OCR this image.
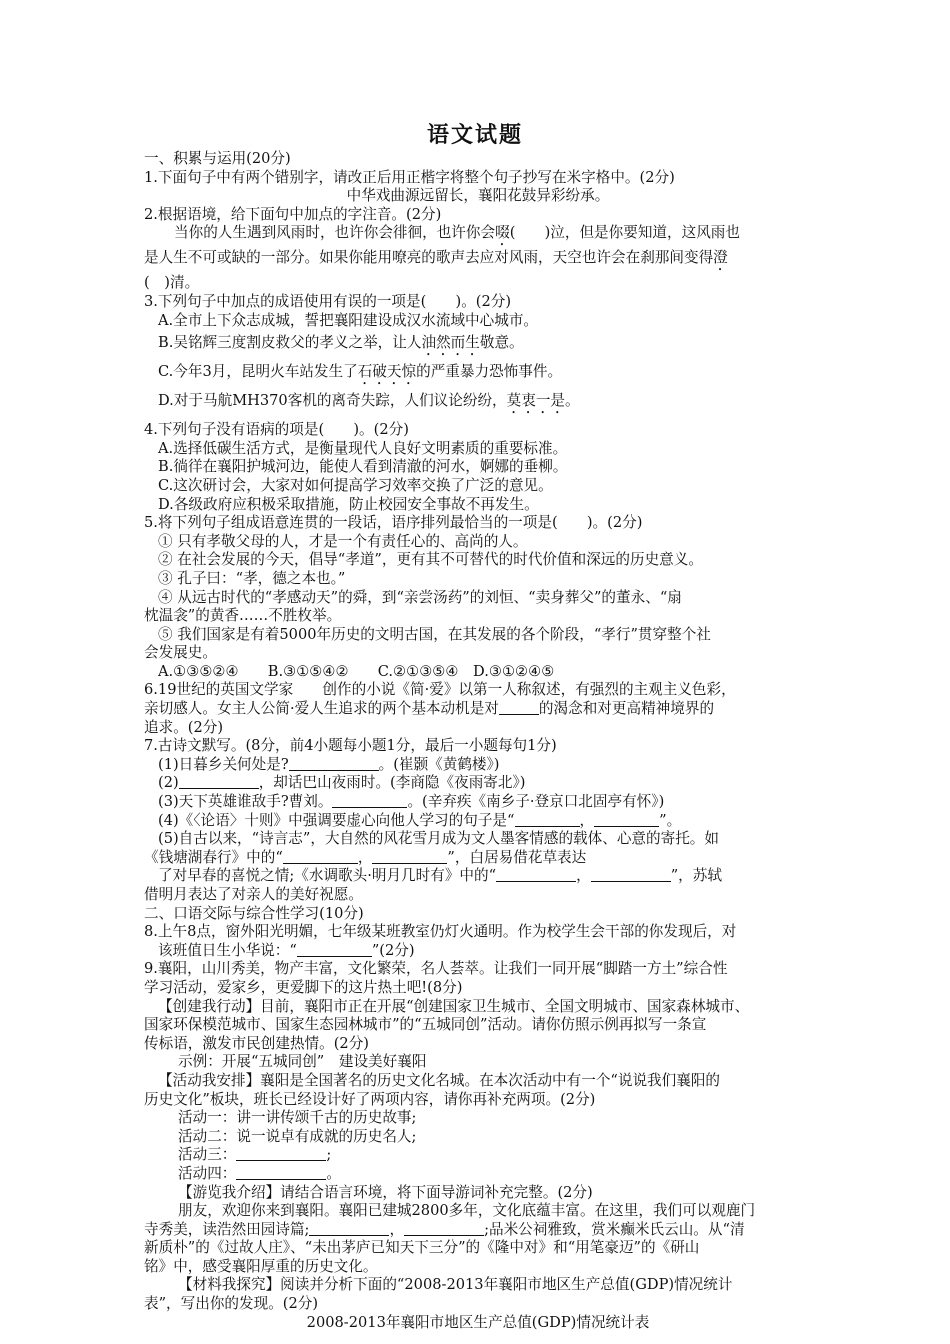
语文试题
一、积累与运用(20分)
1.下面句子中有两个错别字，请改正后用正楷字将整个句子抄写在米字格中。(2分)
中华戏曲源远留长，襄阳花鼓异彩纷承。
2.根据语境，给下面句中加点的字注音。(2分)
当你的人生遇到风雨时，也许你会徘徊，也许你会啜(　　)泣，但是你要知道，这风雨也
是人生不可或缺的一部分。如果你能用嘹亮的歌声去应对风雨，天空也许会在刹那间变得澄
(　)清。
3.下列句子中加点的成语使用有误的一项是(　　)。(2分)
A.全市上下众志成城，誓把襄阳建设成汉水流域中心城市。
B.吴铭辉三度割皮救父的孝义之举，让人油然而生敬意。
C.今年3月，昆明火车站发生了石破天惊的严重暴力恐怖事件。
D.对于马航MH370客机的离奇失踪，人们议论纷纷，莫衷一是。
4.下列句子没有语病的项是(　　)。(2分)
A.选择低碳生活方式，是衡量现代人良好文明素质的重要标准。
B.徜徉在襄阳护城河边，能使人看到清澈的河水，婀娜的垂柳。
C.这次研讨会，大家对如何提高学习效率交换了广泛的意见。
D.各级政府应积极采取措施，防止校园安全事故不再发生。
5.将下列句子组成语意连贯的一段话，语序排列最恰当的一项是(　　)。(2分)
① 只有孝敬父母的人，才是一个有责任心的、高尚的人。
② 在社会发展的今天，倡导“孝道”，更有其不可替代的时代价值和深远的历史意义。
③ 孔子曰：“孝，德之本也。”
④ 从远古时代的“孝感动天”的舜，到“亲尝汤药”的刘恒、“卖身葬父”的董永、“扇
枕温衾”的黄香……不胜枚举。
⑤ 我们国家是有着5000年历史的文明古国，在其发展的各个阶段，“孝行”贯穿整个社
会发展史。
A.①③⑤②④　　B.③①⑤④②　　C.②①③⑤④　D.③①②④⑤
6.19世纪的英国文学家　　创作的小说《简·爱》以第一人称叙述，有强烈的主观主义色彩，
亲切感人。女主人公简·爱人生追求的两个基本动机是对	的渴念和对更高精神境界的
追求。(2分)
7.古诗文默写。(8分，前4小题每小题1分，最后一小题每句1分)
(1)日暮乡关何处是?	。(崔颢《黄鹤楼》)
(2)	，却话巴山夜雨时。(李商隐《夜雨寄北》)
(3)天下英雄谁敌手?曹刘。	。(辛弃疾《南乡子·登京口北固亭有怀》)
(4)《〈论语〉十则》中强调要虚心向他人学习的句子是“	，	”。
(5)自古以来，“诗言志”，大自然的风花雪月成为文人墨客情感的载体、心意的寄托。如
《钱塘湖春行》中的“	，	”，白居易借花草表达
了对早春的喜悦之情;《水调歌头·明月几时有》中的“	，	”，苏轼
借明月表达了对亲人的美好祝愿。
二、口语交际与综合性学习(10分)
8.上午8点，窗外阳光明媚，七年级某班教室仍灯火通明。作为校学生会干部的你发现后，对
该班值日生小华说：“	”(2分)
9.襄阳，山川秀美，物产丰富，文化繁荣，名人荟萃。让我们一同开展“脚踏一方土”综合性
学习活动，爱家乡，更爱脚下的这片热土吧!(8分)
【创建我行动】目前，襄阳市正在开展“创建国家卫生城市、全国文明城市、国家森林城市、
国家环保模范城市、国家生态园林城市”的“五城同创”活动。请你仿照示例再拟写一条宣
传标语，激发市民创建热情。(2分)
示例：开展“五城同创”　建设美好襄阳
【活动我安排】襄阳是全国著名的历史文化名城。在本次活动中有一个“说说我们襄阳的
历史文化”板块，班长已经设计好了两项内容，请你再补充两项。(2分)
活动一：讲一讲传颂千古的历史故事;
活动二：说一说卓有成就的历史名人;
活动三：	;
活动四：	。
【游览我介绍】请结合语言环境，将下面导游词补充完整。(2分)
朋友，欢迎你来到襄阳。襄阳已建城2800多年，文化底蕴丰富。在这里，我们可以观鹿门
寺秀美，读浩然田园诗篇;	，	;品米公祠雅致，赏米癫米氏云山。从“清
新质朴”的《过故人庄》、“未出茅庐已知天下三分”的《隆中对》和“用笔豪迈”的《研山
铭》中，感受襄阳厚重的历史文化。
【材料我探究】阅读并分析下面的“2008-2013年襄阳市地区生产总值(GDP)情况统计
表”，写出你的发现。(2分)
2008-2013年襄阳市地区生产总值(GDP)情况统计表
